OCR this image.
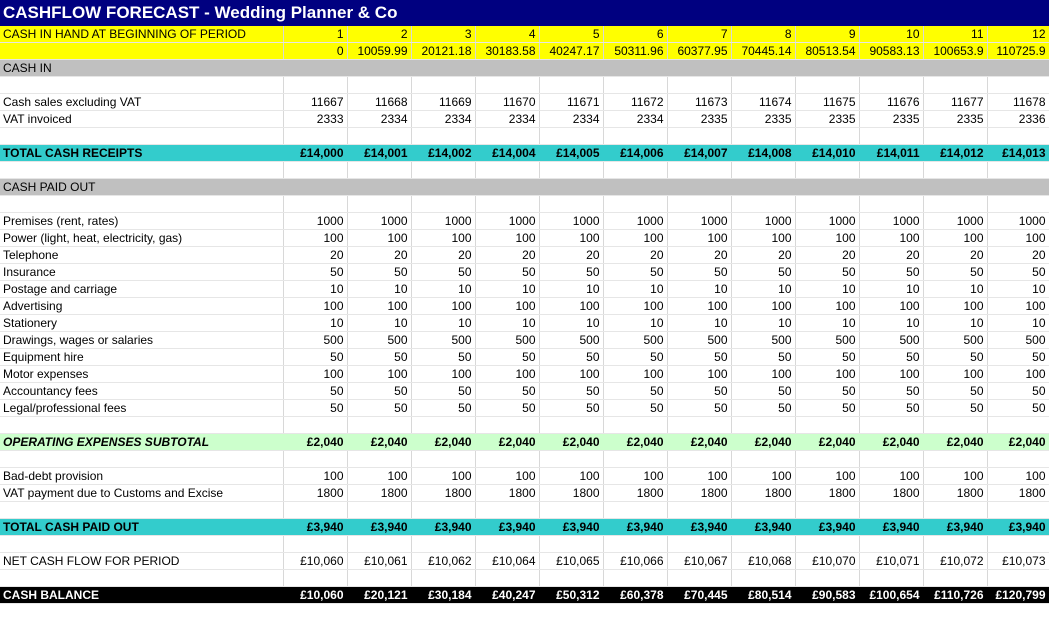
CASHFLOW FORECAST - Wedding Planner & Co
CASH IN HAND AT BEGINNING OF PERIOD	1	2	3	4	5	6	7	8	9	10	11	12
	0	10059.99	20121.18	30183.58	40247.17	50311.96	60377.95	70445.14	80513.54	90583.13	100653.9	110725.9
CASH IN												

Cash sales excluding VAT	11667	11668	11669	11670	11671	11672	11673	11674	11675	11676	11677	11678
VAT invoiced	2333	2334	2334	2334	2334	2334	2335	2335	2335	2335	2335	2336

TOTAL CASH RECEIPTS	£14,000	£14,001	£14,002	£14,004	£14,005	£14,006	£14,007	£14,008	£14,010	£14,011	£14,012	£14,013

CASH PAID OUT												

Premises (rent, rates)	1000	1000	1000	1000	1000	1000	1000	1000	1000	1000	1000	1000
Power (light, heat, electricity, gas)	100	100	100	100	100	100	100	100	100	100	100	100
Telephone	20	20	20	20	20	20	20	20	20	20	20	20
Insurance	50	50	50	50	50	50	50	50	50	50	50	50
Postage and carriage	10	10	10	10	10	10	10	10	10	10	10	10
Advertising	100	100	100	100	100	100	100	100	100	100	100	100
Stationery	10	10	10	10	10	10	10	10	10	10	10	10
Drawings, wages or salaries	500	500	500	500	500	500	500	500	500	500	500	500
Equipment hire	50	50	50	50	50	50	50	50	50	50	50	50
Motor expenses	100	100	100	100	100	100	100	100	100	100	100	100
Accountancy fees	50	50	50	50	50	50	50	50	50	50	50	50
Legal/professional fees	50	50	50	50	50	50	50	50	50	50	50	50

OPERATING EXPENSES SUBTOTAL	£2,040	£2,040	£2,040	£2,040	£2,040	£2,040	£2,040	£2,040	£2,040	£2,040	£2,040	£2,040

Bad-debt provision	100	100	100	100	100	100	100	100	100	100	100	100
VAT payment due to Customs and Excise	1800	1800	1800	1800	1800	1800	1800	1800	1800	1800	1800	1800

TOTAL CASH PAID OUT	£3,940	£3,940	£3,940	£3,940	£3,940	£3,940	£3,940	£3,940	£3,940	£3,940	£3,940	£3,940

NET CASH FLOW FOR PERIOD	£10,060	£10,061	£10,062	£10,064	£10,065	£10,066	£10,067	£10,068	£10,070	£10,071	£10,072	£10,073

CASH BALANCE	£10,060	£20,121	£30,184	£40,247	£50,312	£60,378	£70,445	£80,514	£90,583	£100,654	£110,726	£120,799
